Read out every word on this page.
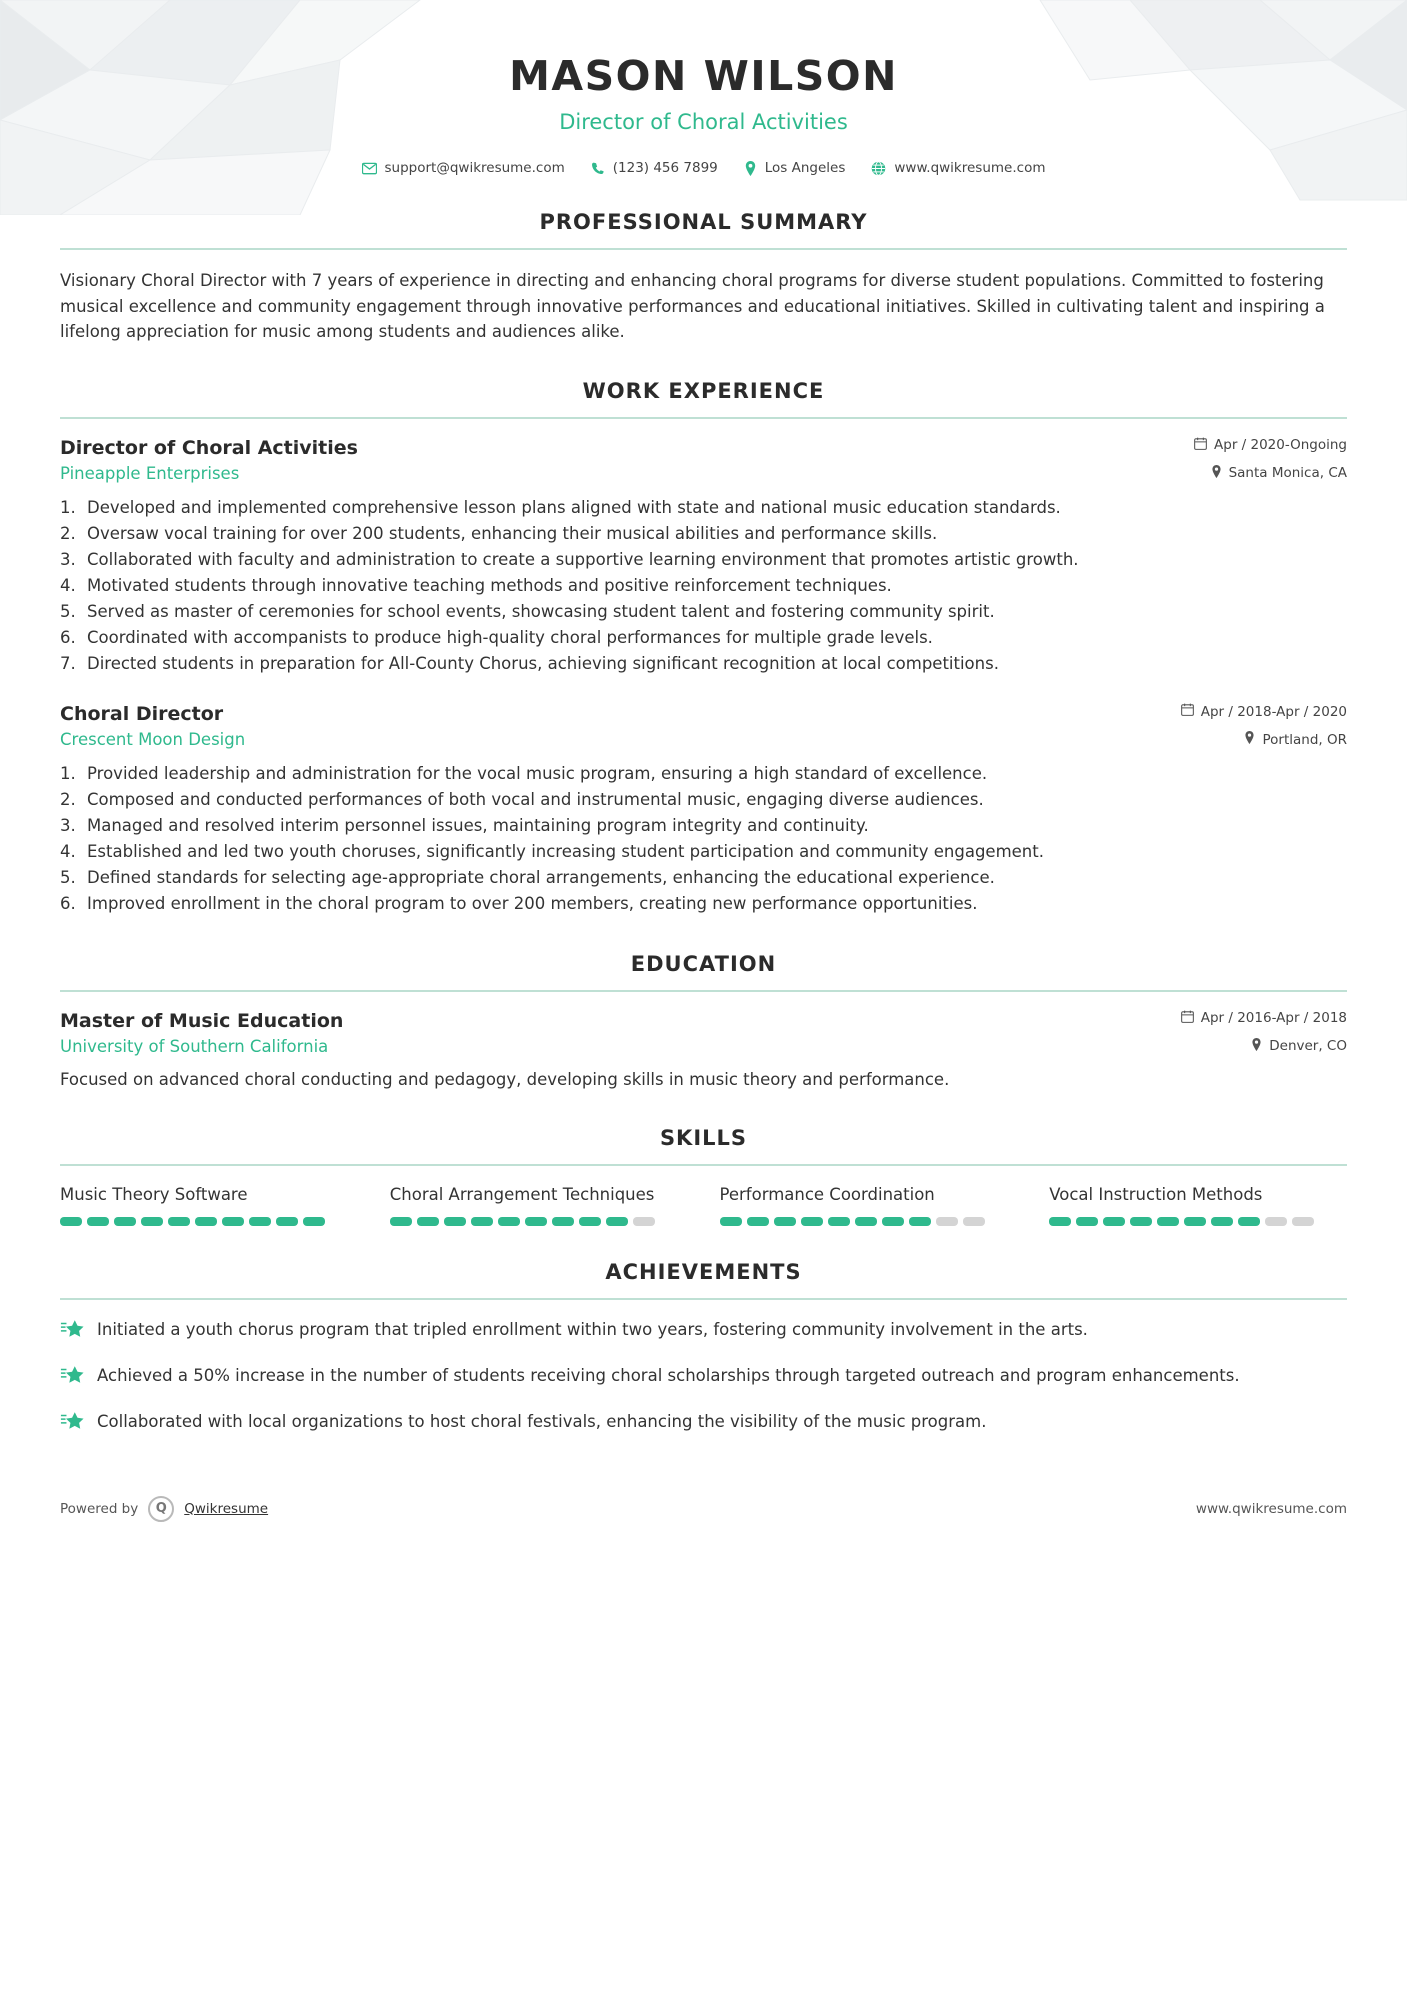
MASON WILSON
Director of Choral Activities
support@qwikresume.com	(123) 456 7899	Los Angeles	www.qwikresume.com
PROFESSIONAL SUMMARY

Visionary Choral Director with 7 years of experience in directing and enhancing choral programs for diverse student populations. Committed to fostering musical excellence and community engagement through innovative performances and educational initiatives. Skilled in cultivating talent and inspiring a lifelong appreciation for music among students and audiences alike.

WORK EXPERIENCE
Director of Choral Activities
Pineapple Enterprises
Apr / 2020-Ongoing
Santa Monica, CA
1. Developed and implemented comprehensive lesson plans aligned with state and national music education standards.
2. Oversaw vocal training for over 200 students, enhancing their musical abilities and performance skills.
3. Collaborated with faculty and administration to create a supportive learning environment that promotes artistic growth.
4. Motivated students through innovative teaching methods and positive reinforcement techniques.
5. Served as master of ceremonies for school events, showcasing student talent and fostering community spirit.
6. Coordinated with accompanists to produce high-quality choral performances for multiple grade levels.
7. Directed students in preparation for All-County Chorus, achieving significant recognition at local competitions.
Choral Director
Crescent Moon Design
Apr / 2018-Apr / 2020
Portland, OR
1. Provided leadership and administration for the vocal music program, ensuring a high standard of excellence.
2. Composed and conducted performances of both vocal and instrumental music, engaging diverse audiences.
3. Managed and resolved interim personnel issues, maintaining program integrity and continuity.
4. Established and led two youth choruses, significantly increasing student participation and community engagement.
5. Defined standards for selecting age-appropriate choral arrangements, enhancing the educational experience.
6. Improved enrollment in the choral program to over 200 members, creating new performance opportunities.
EDUCATION
Master of Music Education
University of Southern California
Apr / 2016-Apr / 2018
Denver, CO
Focused on advanced choral conducting and pedagogy, developing skills in music theory and performance.
SKILLS
Music Theory Software	Choral Arrangement Techniques	Performance Coordination	Vocal Instruction Methods
ACHIEVEMENTS
Initiated a youth chorus program that tripled enrollment within two years, fostering community involvement in the arts.
Achieved a 50% increase in the number of students receiving choral scholarships through targeted outreach and program enhancements.
Collaborated with local organizations to host choral festivals, enhancing the visibility of the music program.
Powered by	Q	Qwikresume	www.qwikresume.com
